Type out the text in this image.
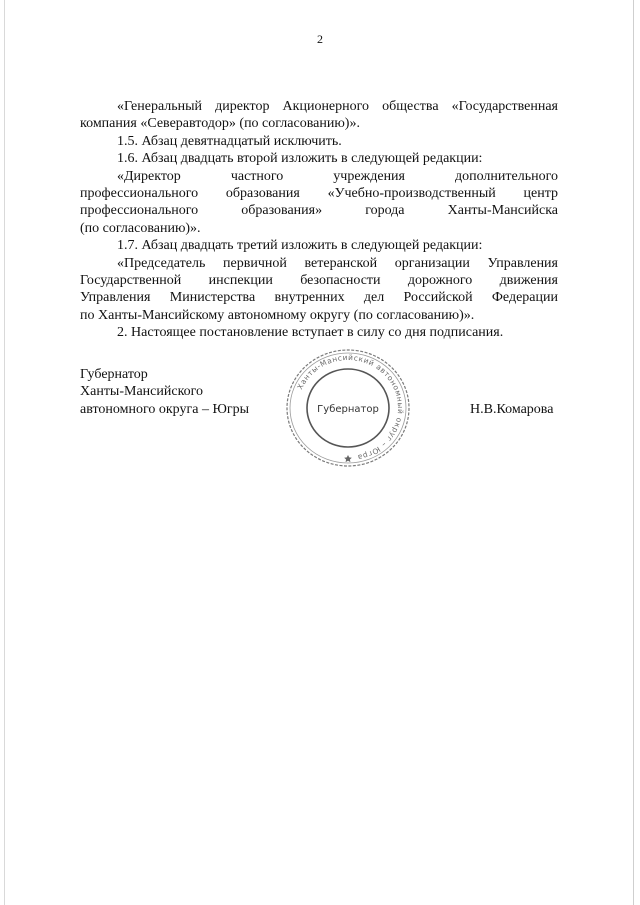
2

«Генеральный директор Акционерного общества «Государственная

компания «Северавтодор» (по согласованию)».

1.5. Абзац девятнадцатый исключить.

1.6. Абзац двадцать второй изложить в следующей редакции:

«Директор частного учреждения дополнительного

профессионального образования «Учебно-производственный центр

профессионального образования» города Ханты-Мансийска

(по согласованию)».

1.7. Абзац двадцать третий изложить в следующей редакции:

«Председатель первичной ветеранской организации Управления

Государственной инспекции безопасности дорожного движения

Управления Министерства внутренних дел Российской Федерации

по Ханты-Мансийскому автономному округу (по согласованию)».

2. Настоящее постановление вступает в силу со дня подписания.

Губернатор
Ханты-Мансийского
автономного округа – Югры
Ханты-Мансийский автономный округ – Югра
Губернатор	Н.В.Комарова
